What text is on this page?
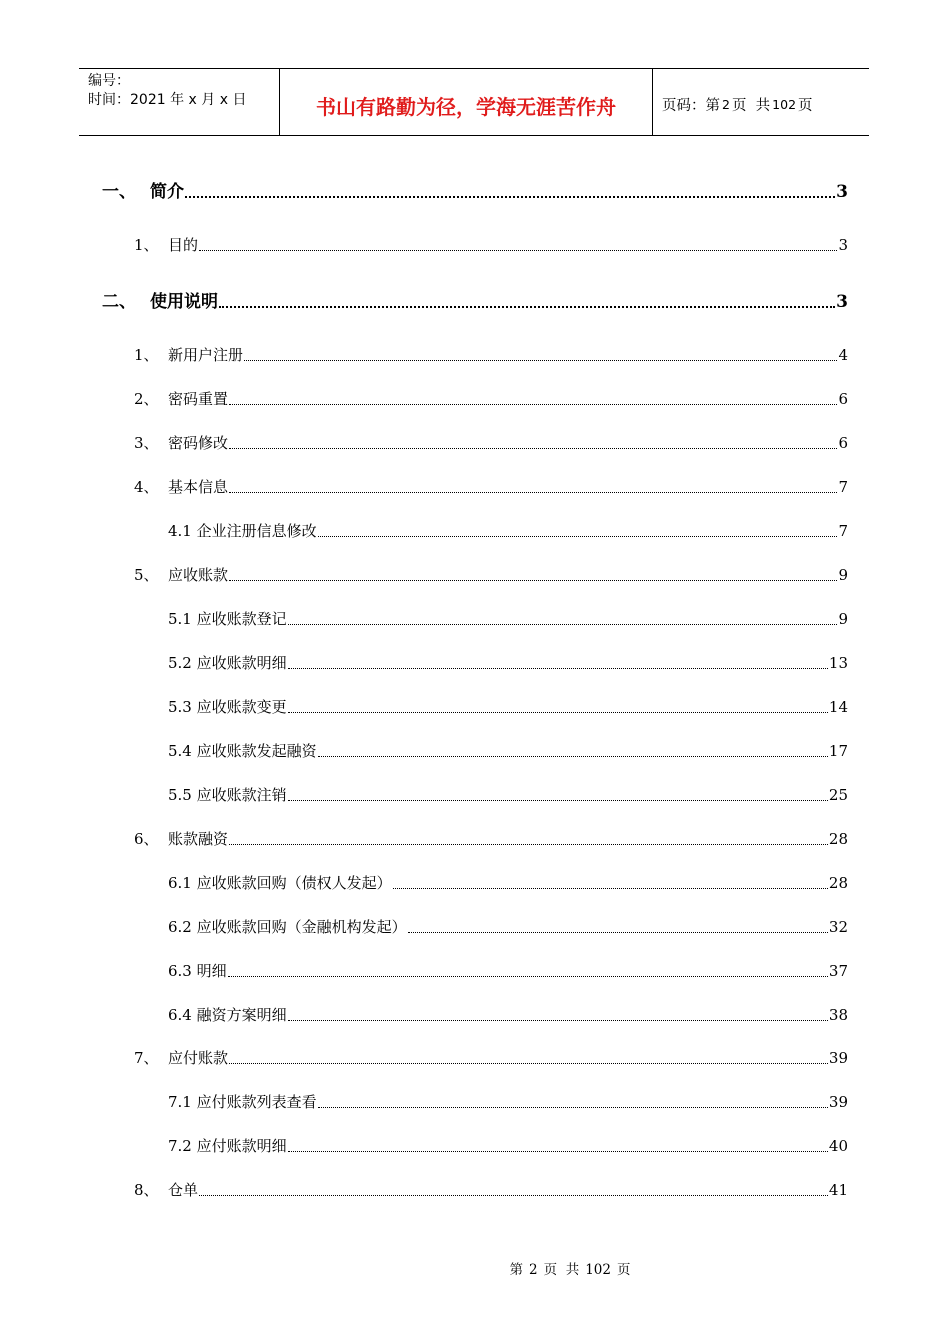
编号：
时间：2021 年 x 月 x 日	书山有路勤为径，学海无涯苦作舟	页码：第 2 页  共 102 页
一、 简介	3
1、 目的	3
二、 使用说明	3
1、 新用户注册	4
2、 密码重置	6
3、 密码修改	6
4、 基本信息	7
4.1 企业注册信息修改	7
5、 应收账款	9
5.1 应收账款登记	9
5.2 应收账款明细	13
5.3 应收账款变更	14
5.4 应收账款发起融资	17
5.5 应收账款注销	25
6、 账款融资	28
6.1 应收账款回购（债权人发起）	28
6.2 应收账款回购（金融机构发起）	32
6.3 明细	37
6.4 融资方案明细	38
7、 应付账款	39
7.1 应付账款列表查看	39
7.2 应付账款明细	40
8、 仓单	41
第 2 页  共 102 页
